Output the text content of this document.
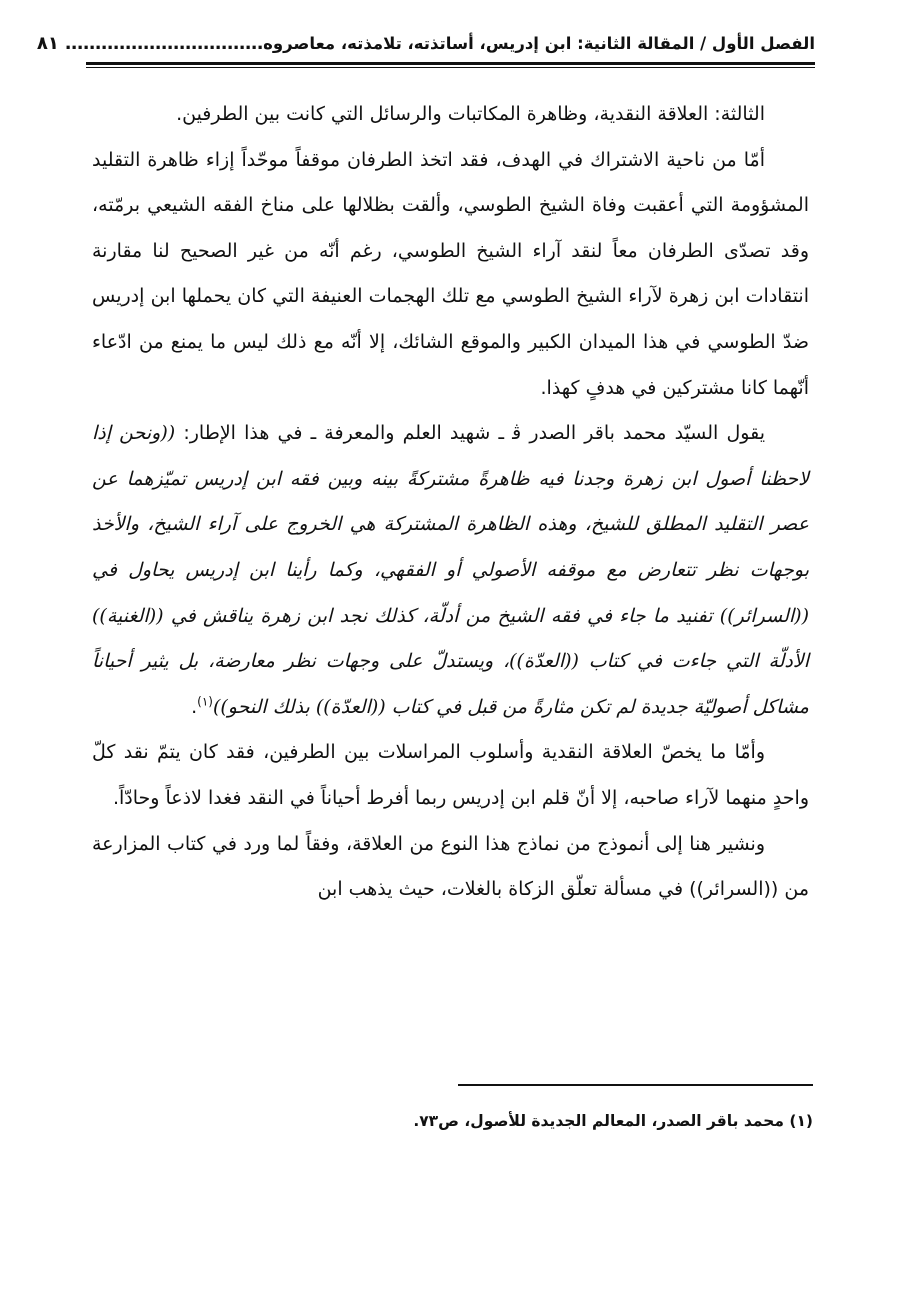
الفصل الأول / المقالة الثانية: ابن إدريس، أساتذته، تلامذته، معاصروه
…………………………… ٨١

الثالثة: العلاقة النقدية، وظاهرة المكاتبات والرسائل التي كانت بين الطرفين.

أمّا من ناحية الاشتراك في الهدف، فقد اتخذ الطرفان موقفاً موحّداً إزاء ظاهرة التقليد المشؤومة التي أعقبت وفاة الشيخ الطوسي، وألقت بظلالها على مناخ الفقه الشيعي برمّته، وقد تصدّى الطرفان معاً لنقد آراء الشيخ الطوسي، رغم أنّه من غير الصحيح لنا مقارنة انتقادات ابن زهرة لآراء الشيخ الطوسي مع تلك الهجمات العنيفة التي كان يحملها ابن إدريس ضدّ الطوسي في هذا الميدان الكبير والموقع الشائك، إلا أنّه مع ذلك ليس ما يمنع من ادّعاء أنّهما كانا مشتركين في هدفٍ كهذا.

يقول السيّد محمد باقر الصدر ﭬ ـ شهيد العلم والمعرفة ـ في هذا الإطار: ((ونحن إذا لاحظنا أصول ابن زهرة وجدنا فيه ظاهرةً مشتركةً بينه وبين فقه ابن إدريس تميّزهما عن عصر التقليد المطلق للشيخ، وهذه الظاهرة المشتركة هي الخروج على آراء الشيخ، والأخذ بوجهات نظر تتعارض مع موقفه الأصولي أو الفقهي، وكما رأينا ابن إدريس يحاول في ((السرائر)) تفنيد ما جاء في فقه الشيخ من أدلّة، كذلك نجد ابن زهرة يناقش في ((الغنية)) الأدلّة التي جاءت في كتاب ((العدّة))، ويستدلّ على وجهات نظر معارضة، بل يثير أحياناً مشاكل أصوليّة جديدة لم تكن مثارةً من قبل في كتاب ((العدّة)) بذلك النحو))$^{(١)}$.

وأمّا ما يخصّ العلاقة النقدية وأسلوب المراسلات بين الطرفين، فقد كان يتمّ نقد كلّ واحدٍ منهما لآراء صاحبه، إلا أنّ قلم ابن إدريس ربما أفرط أحياناً في النقد فغدا لاذعاً وحادّاً.

ونشير هنا إلى أنموذج من نماذج هذا النوع من العلاقة، وفقاً لما ورد في كتاب المزارعة من ((السرائر)) في مسألة تعلّق الزكاة بالغلات، حيث يذهب ابن

(١) محمد باقر الصدر، المعالم الجديدة للأصول، ص٧٣.
